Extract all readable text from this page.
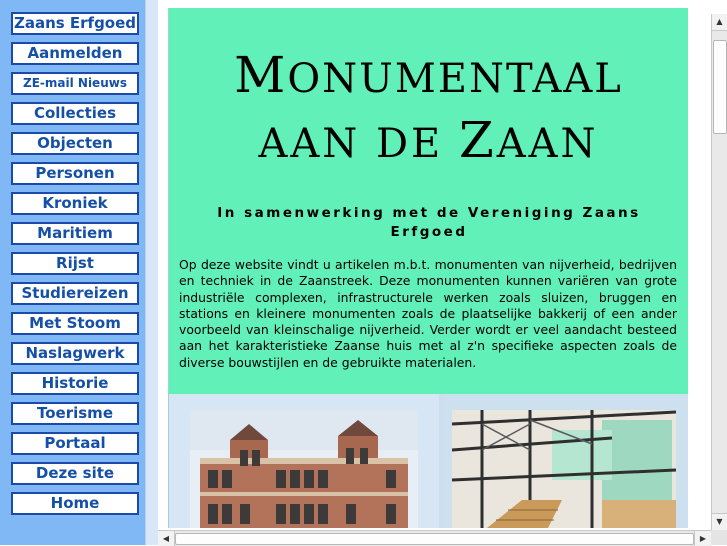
Zaans Erfgoed
Aanmelden
ZE-mail Nieuws
Collecties
Objecten
Personen
Kroniek
Maritiem
Rijst
Studiereizen
Met Stoom
Naslagwerk
Historie
Toerisme
Portaal
Deze site
Home
MONUMENTAAL
AAN DE ZAAN
In samenwerking met de Vereniging Zaans Erfgoed
Op deze website vindt u artikelen m.b.t. monumenten van nijverheid, bedrijven en techniek in de Zaanstreek. Deze monumenten kunnen variëren van grote industriële complexen, infrastructurele werken zoals sluizen, bruggen en stations en kleinere monumenten zoals de plaatselijke bakkerij of een ander voorbeeld van kleinschalige nijverheid. Verder wordt er veel aandacht besteed aan het karakteristieke Zaanse huis met al z'n specifieke aspecten zoals de diverse bouwstijlen en de gebruikte materialen.
▲
▼
◀	▶
